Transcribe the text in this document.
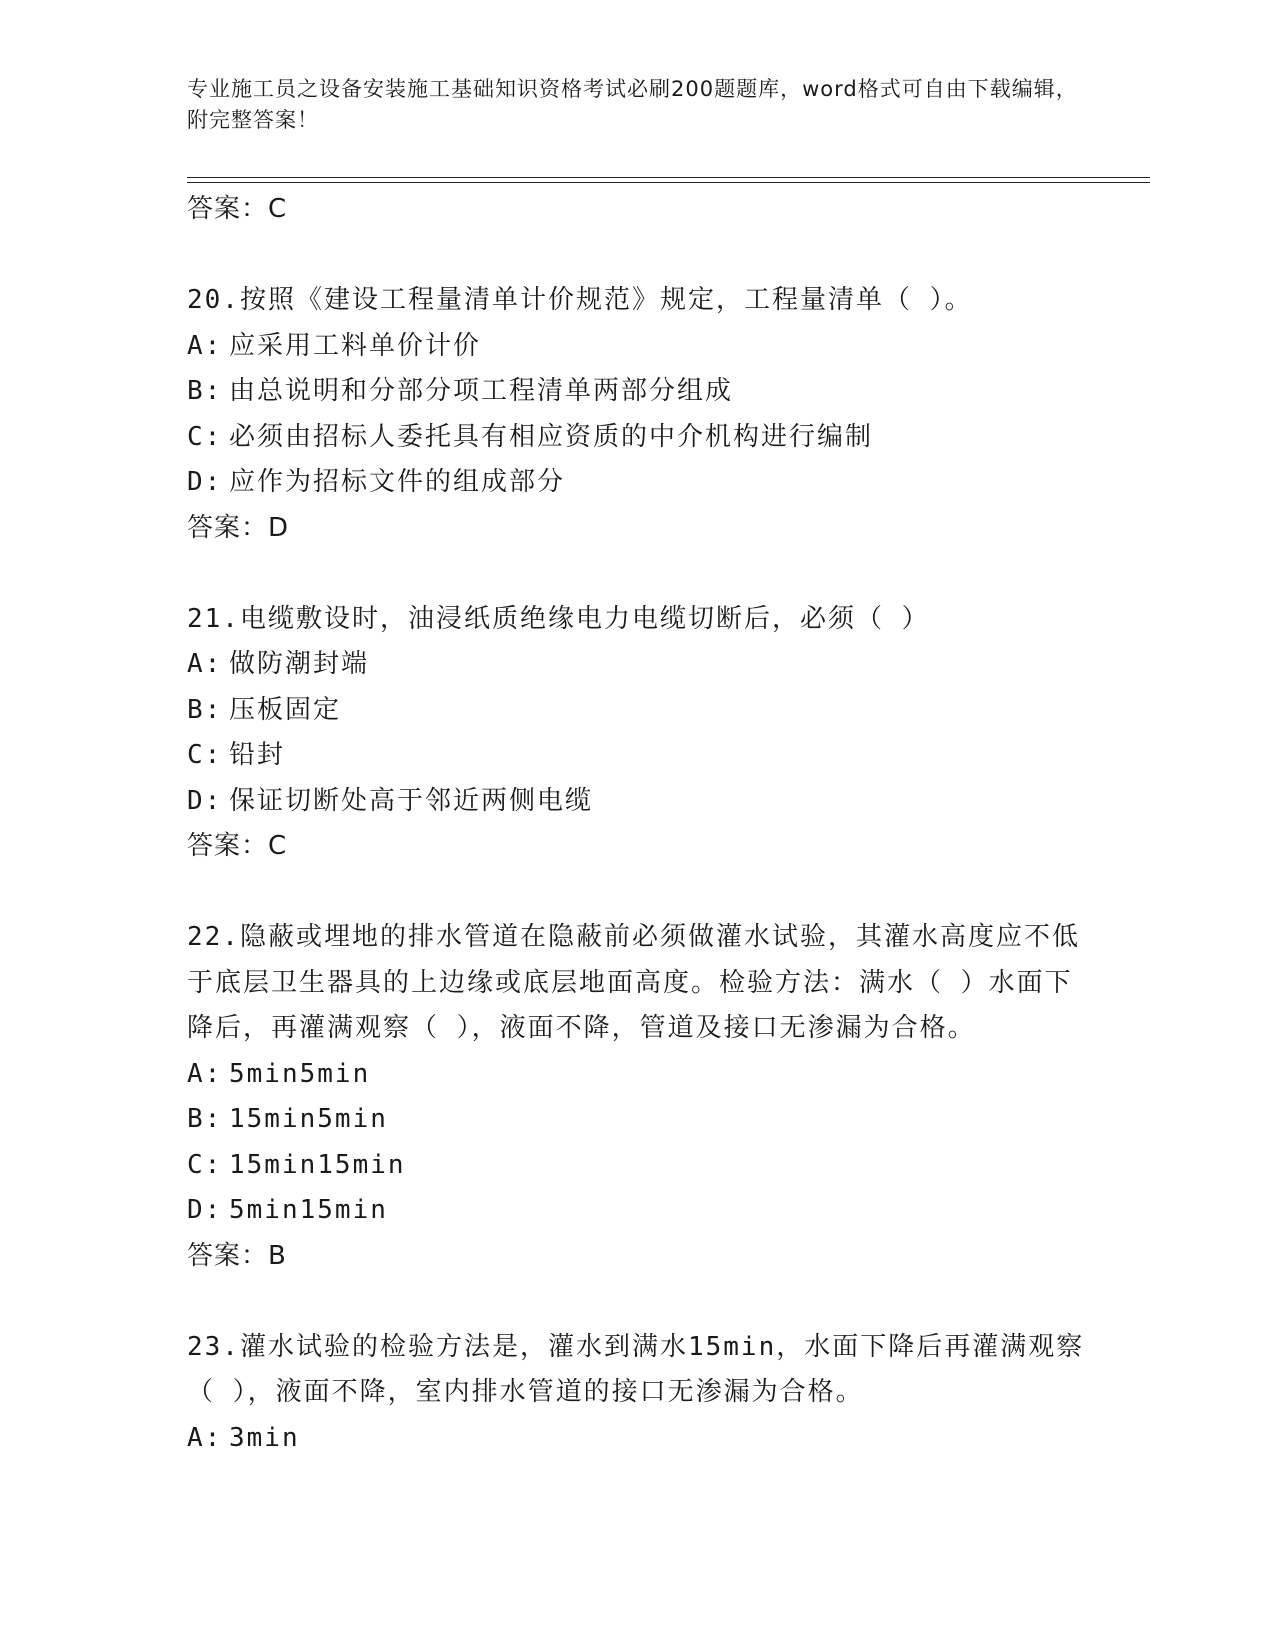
专业施工员之设备安装施工基础知识资格考试必刷200题题库，word格式可自由下载编辑，附完整答案！
答案：C
20.按照《建设工程量清单计价规范》规定，工程量清单（ ）。
A: 应采用工料单价计价
B: 由总说明和分部分项工程清单两部分组成
C: 必须由招标人委托具有相应资质的中介机构进行编制
D: 应作为招标文件的组成部分
答案：D
21.电缆敷设时，油浸纸质绝缘电力电缆切断后，必须（ ）
A: 做防潮封端
B: 压板固定
C: 铅封
D: 保证切断处高于邻近两侧电缆
答案：C
22.隐蔽或埋地的排水管道在隐蔽前必须做灌水试验，其灌水高度应不低于底层卫生器具的上边缘或底层地面高度。检验方法：满水（ ）水面下降后，再灌满观察（ ），液面不降，管道及接口无渗漏为合格。
A: 5min5min
B: 15min5min
C: 15min15min
D: 5min15min
答案：B
23.灌水试验的检验方法是，灌水到满水15min，水面下降后再灌满观察（ ），液面不降，室内排水管道的接口无渗漏为合格。
A: 3min
